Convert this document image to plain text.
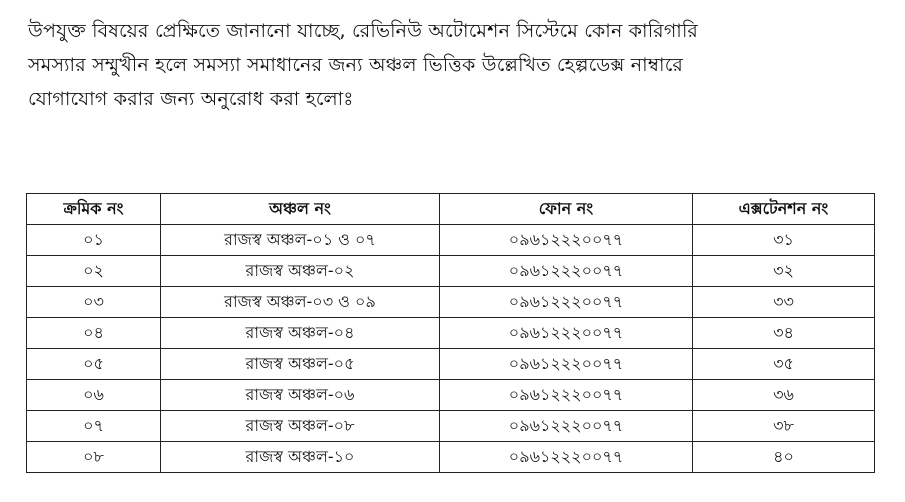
উপযুক্ত বিষয়ের প্রেক্ষিতে জানানো যাচ্ছে, রেভিনিউ অটোমেশন সিস্টেমে কোন কারিগারি
সমস্যার সম্মুখীন হলে সমস্যা সমাধানের জন্য অঞ্চল ভিত্তিক উল্লেখিত হেল্পডেক্স নাম্বারে
যোগাযোগ করার জন্য অনুরোধ করা হলোঃ
ক্রমিক নং	অঞ্চল নং	ফোন নং	এক্সটেনশন নং
০১	রাজস্ব অঞ্চল-০১ ও ০৭	০৯৬১২২২০০৭৭	৩১
০২	রাজস্ব অঞ্চল-০২	০৯৬১২২২০০৭৭	৩২
০৩	রাজস্ব অঞ্চল-০৩ ও ০৯	০৯৬১২২২০০৭৭	৩৩
০৪	রাজস্ব অঞ্চল-০৪	০৯৬১২২২০০৭৭	৩৪
০৫	রাজস্ব অঞ্চল-০৫	০৯৬১২২২০০৭৭	৩৫
০৬	রাজস্ব অঞ্চল-০৬	০৯৬১২২২০০৭৭	৩৬
০৭	রাজস্ব অঞ্চল-০৮	০৯৬১২২২০০৭৭	৩৮
০৮	রাজস্ব অঞ্চল-১০	০৯৬১২২২০০৭৭	৪০
